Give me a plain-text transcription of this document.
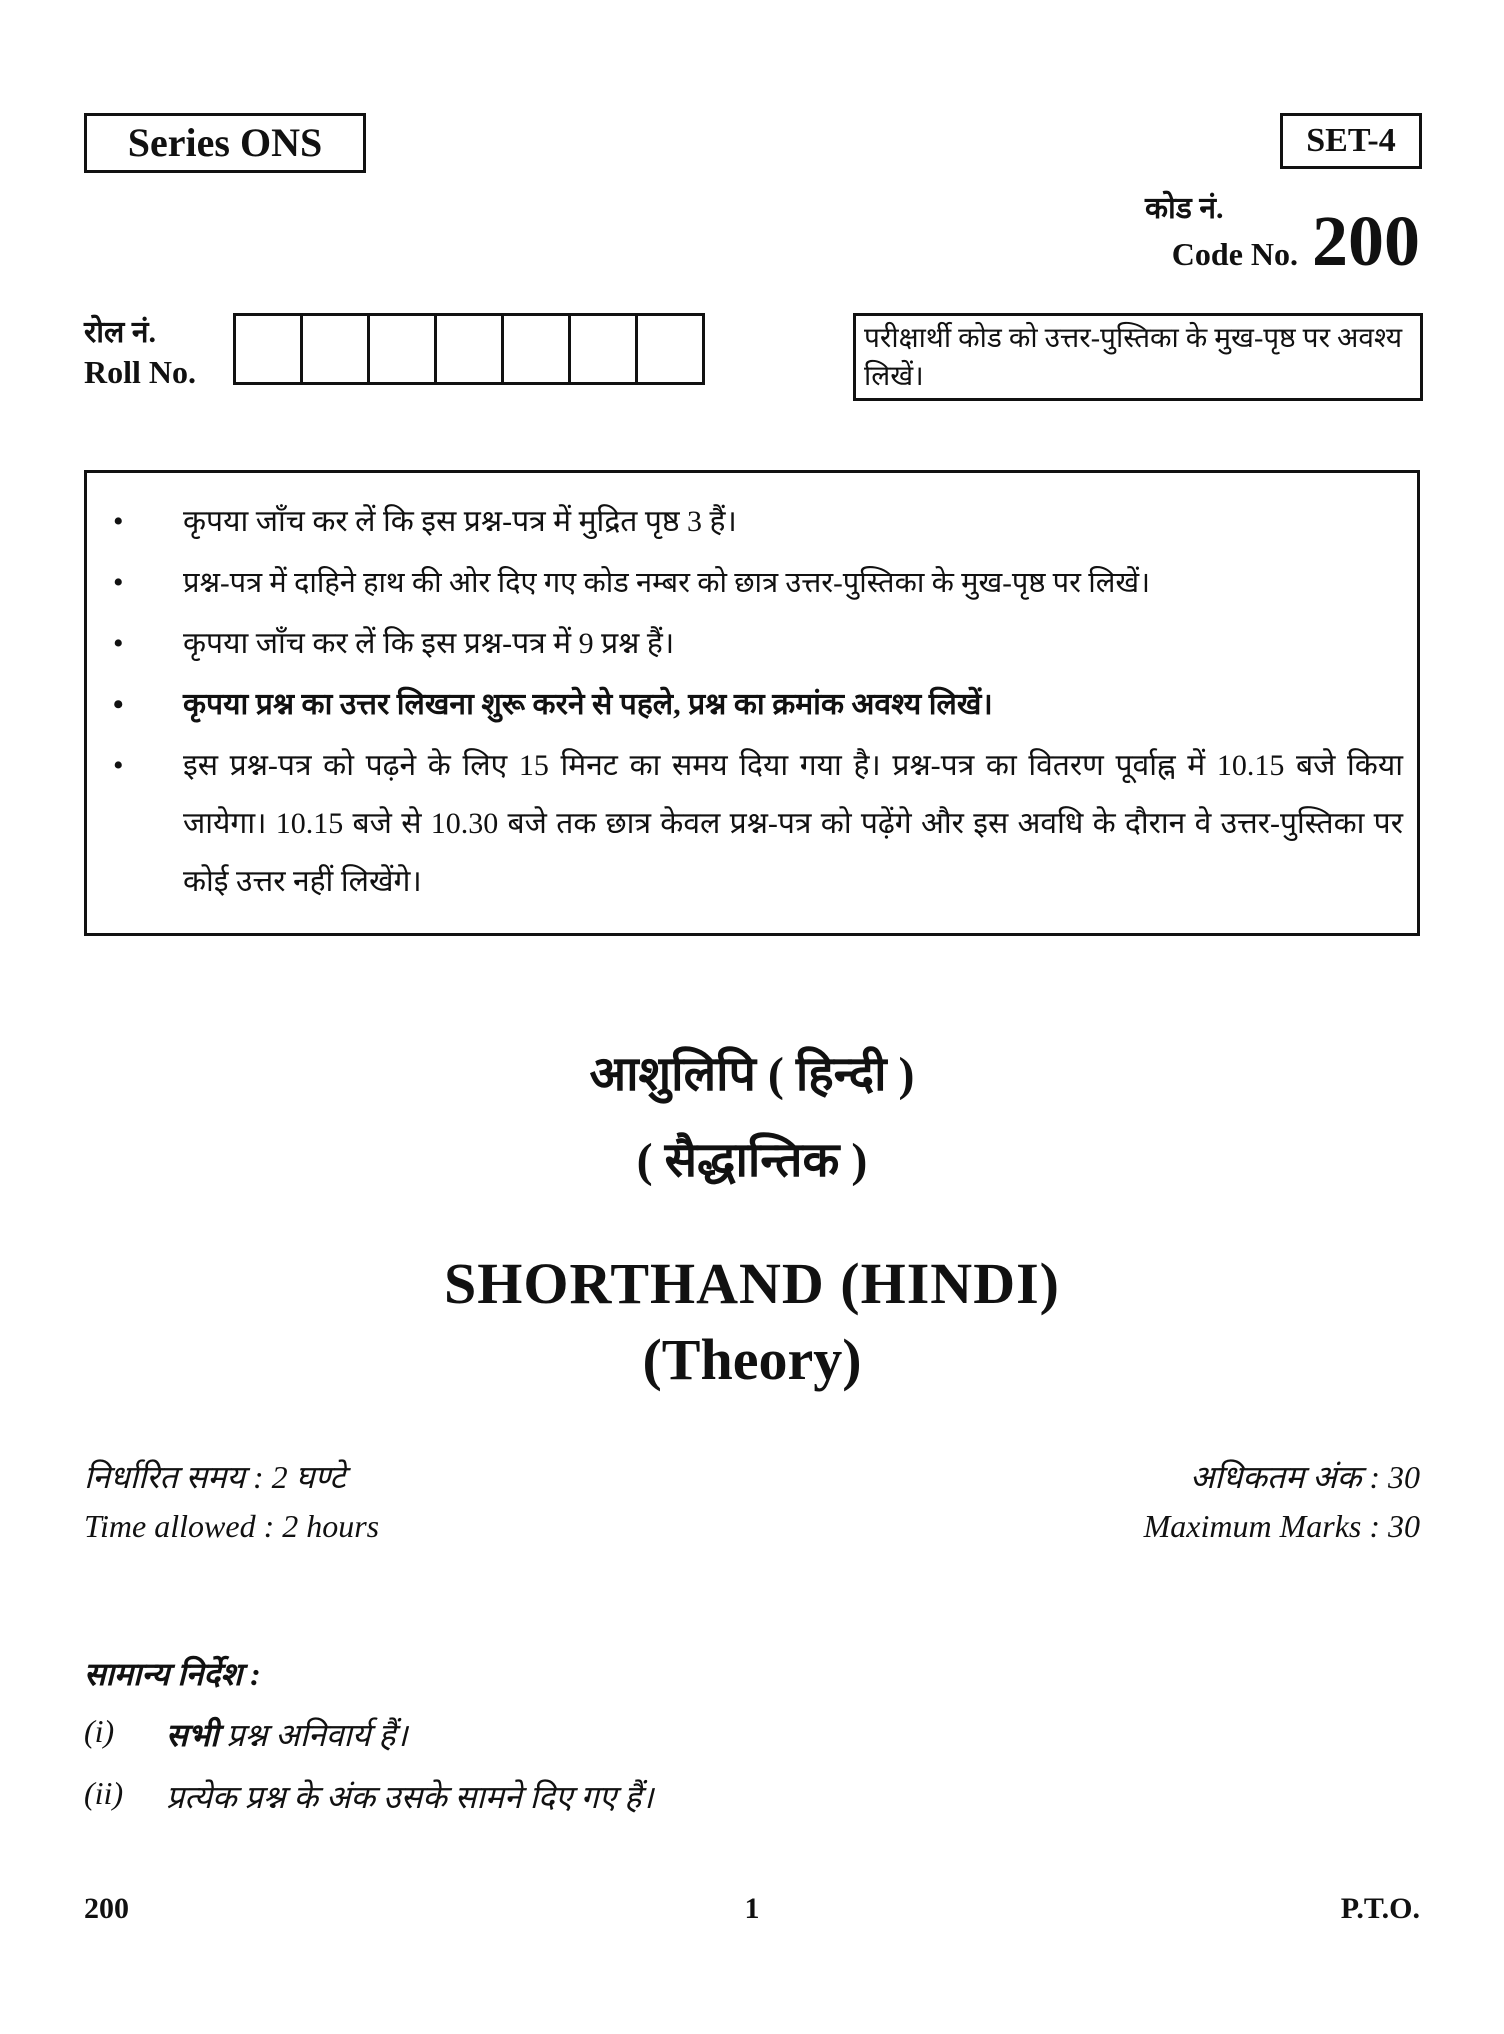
Series ONS	SET-4
कोड नं.
Code No. 200
रोल नं.
Roll No.
परीक्षार्थी कोड को उत्तर-पुस्तिका के मुख-पृष्ठ पर अवश्य लिखें।
• कृपया जाँच कर लें कि इस प्रश्न-पत्र में मुद्रित पृष्ठ 3 हैं।
• प्रश्न-पत्र में दाहिने हाथ की ओर दिए गए कोड नम्बर को छात्र उत्तर-पुस्तिका के मुख-पृष्ठ पर लिखें।
• कृपया जाँच कर लें कि इस प्रश्न-पत्र में 9 प्रश्न हैं।
• कृपया प्रश्न का उत्तर लिखना शुरू करने से पहले, प्रश्न का क्रमांक अवश्य लिखें।
• इस प्रश्न-पत्र को पढ़ने के लिए 15 मिनट का समय दिया गया है। प्रश्न-पत्र का वितरण पूर्वाह्न में 10.15 बजे किया जायेगा। 10.15 बजे से 10.30 बजे तक छात्र केवल प्रश्न-पत्र को पढ़ेंगे और इस अवधि के दौरान वे उत्तर-पुस्तिका पर कोई उत्तर नहीं लिखेंगे।
आशुलिपि ( हिन्दी )
( सैद्धान्तिक )
SHORTHAND (HINDI)
(Theory)
निर्धारित समय : 2 घण्टे
Time allowed : 2 hours
अधिकतम अंक : 30
Maximum Marks : 30
सामान्य निर्देश :
(i) सभी प्रश्न अनिवार्य हैं।
(ii) प्रत्येक प्रश्न के अंक उसके सामने दिए गए हैं।
200	1	P.T.O.
